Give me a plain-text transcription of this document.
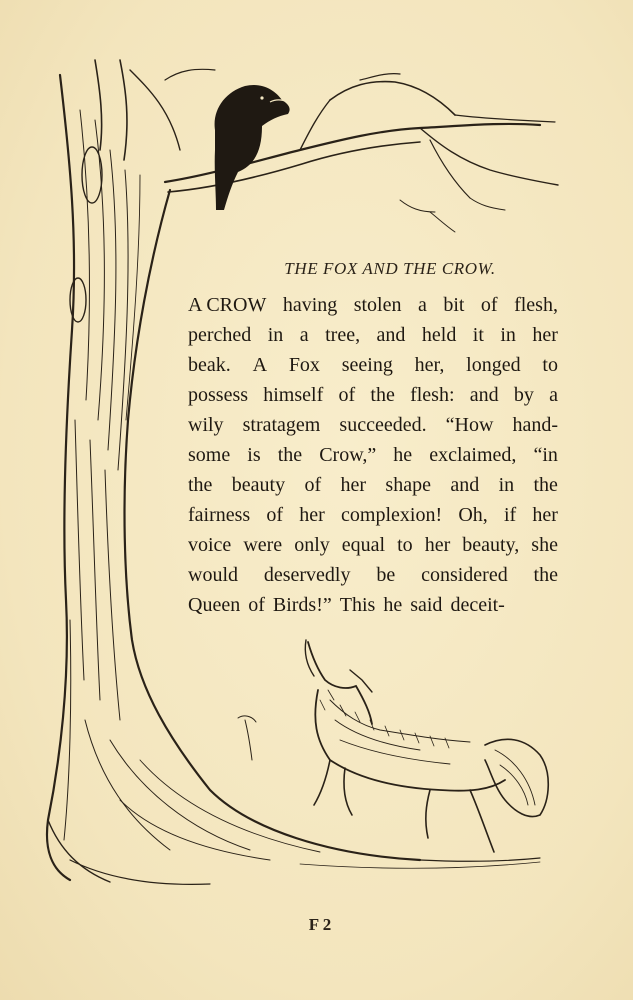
THE FOX AND THE CROW.
A CROW having stolen a bit of flesh,
perched in a tree, and held it in her
beak. A Fox seeing her, longed to
possess himself of the flesh: and by a
wily stratagem succeeded. “How hand-
some is the Crow,” he exclaimed, “in
the beauty of her shape and in the
fairness of her complexion! Oh, if her
voice were only equal to her beauty, she
would deservedly be considered the
Queen of Birds!” This he said deceit-
F 2
